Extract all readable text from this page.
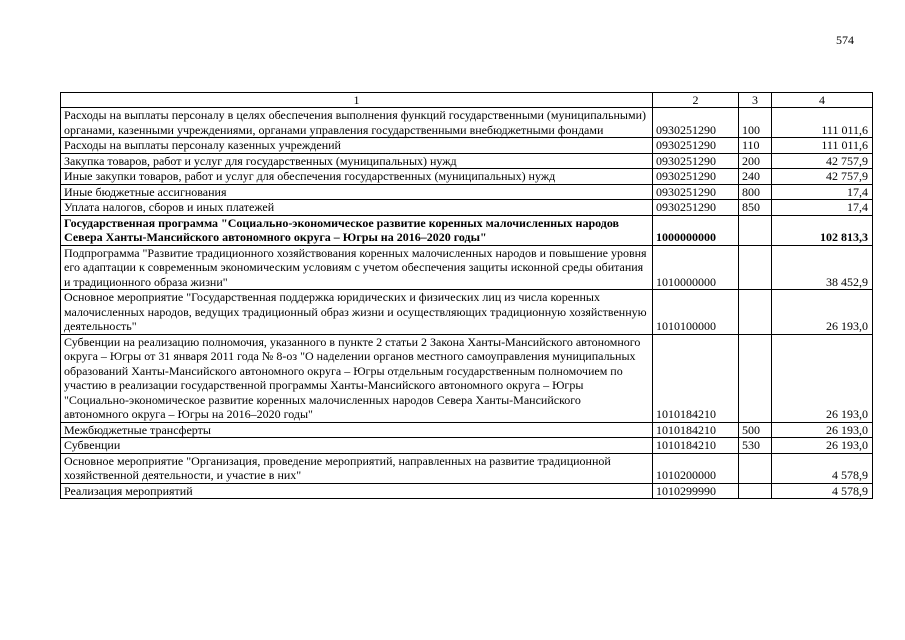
574
1	2	3	4
Расходы на выплаты персоналу в целях обеспечения выполнения функций государственными (муниципальными) органами, казенными учреждениями, органами управления государственными внебюджетными фондами	0930251290	100	111 011,6
Расходы на выплаты персоналу казенных учреждений	0930251290	110	111 011,6
Закупка товаров, работ и услуг для государственных (муниципальных) нужд	0930251290	200	42 757,9
Иные закупки товаров, работ и услуг для обеспечения государственных (муниципальных) нужд	0930251290	240	42 757,9
Иные бюджетные ассигнования	0930251290	800	17,4
Уплата налогов, сборов и иных платежей	0930251290	850	17,4
Государственная программа "Социально-экономическое развитие коренных малочисленных народов Севера Ханты-Мансийского автономного округа – Югры на 2016–2020 годы"	1000000000		102 813,3
Подпрограмма "Развитие традиционного хозяйствования коренных малочисленных народов и повышение уровня его адаптации к современным экономическим условиям с учетом обеспечения защиты исконной среды обитания и традиционного образа жизни"	1010000000		38 452,9
Основное мероприятие "Государственная поддержка юридических и физических лиц из числа коренных малочисленных народов, ведущих традиционный образ жизни и осуществляющих традиционную хозяйственную деятельность"	1010100000		26 193,0
Субвенции на реализацию полномочия, указанного в пункте 2 статьи 2 Закона Ханты-Мансийского автономного округа – Югры от 31 января 2011 года № 8-оз "О наделении органов местного самоуправления муниципальных образований Ханты-Мансийского автономного округа – Югры отдельным государственным полномочием по участию в реализации государственной программы Ханты-Мансийского автономного округа – Югры "Социально-экономическое развитие коренных малочисленных народов Севера Ханты-Мансийского автономного округа – Югры на 2016–2020 годы"	1010184210		26 193,0
Межбюджетные трансферты	1010184210	500	26 193,0
Субвенции	1010184210	530	26 193,0
Основное мероприятие "Организация, проведение мероприятий, направленных на развитие традиционной хозяйственной деятельности, и участие в них"	1010200000		4 578,9
Реализация мероприятий	1010299990		4 578,9
